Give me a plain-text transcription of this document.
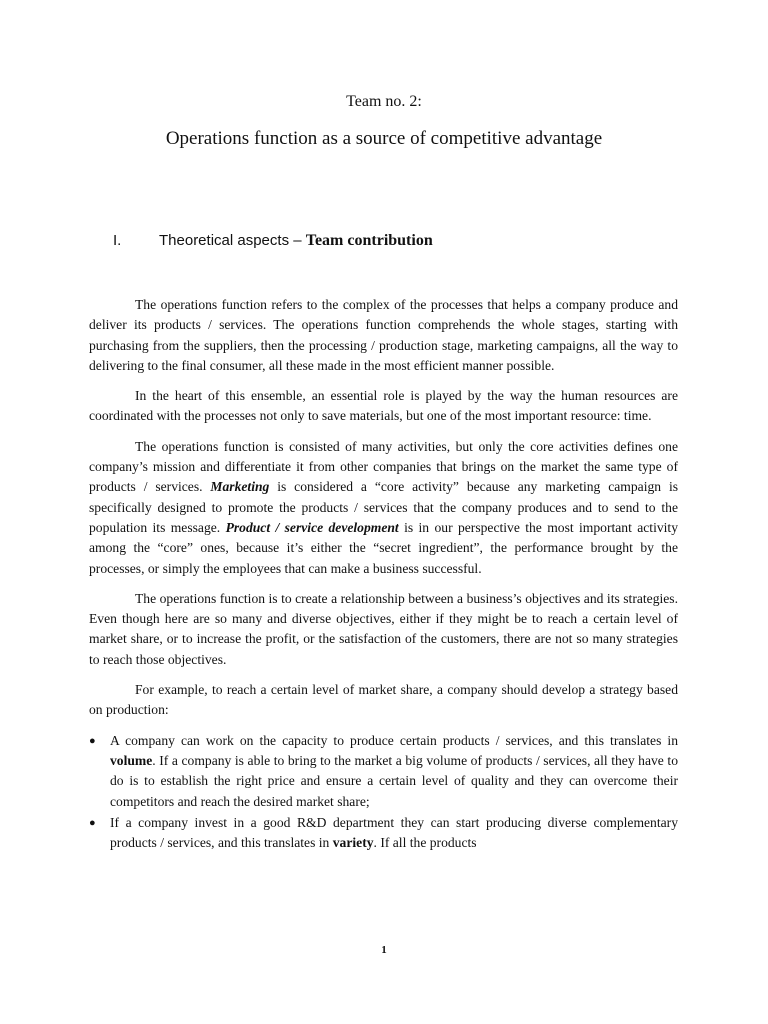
Team no. 2:
Operations function as a source of competitive advantage
I.	Theoretical aspects – Team contribution

The operations function refers to the complex of the processes that helps a company produce and deliver its products / services. The operations function comprehends the whole stages, starting with purchasing from the suppliers, then the processing / production stage, marketing campaigns, all the way to delivering to the final consumer, all these made in the most efficient manner possible.

In the heart of this ensemble, an essential role is played by the way the human resources are coordinated with the processes not only to save materials, but one of the most important resource: time.

The operations function is consisted of many activities, but only the core activities defines one company’s mission and differentiate it from other companies that brings on the market the same type of products / services. Marketing is considered a “core activity” because any marketing campaign is specifically designed to promote the products / services that the company produces and to send to the population its message. Product / service development is in our perspective the most important activity among the “core” ones, because it’s either the “secret ingredient”, the performance brought by the processes, or simply the employees that can make a business successful.

The operations function is to create a relationship between a business’s objectives and its strategies. Even though here are so many and diverse objectives, either if they might be to reach a certain level of market share, or to increase the profit, or the satisfaction of the customers, there are not so many strategies to reach those objectives.

For example, to reach a certain level of market share, a company should develop a strategy based on production:

● A company can work on the capacity to produce certain products / services, and this translates in volume. If a company is able to bring to the market a big volume of products / services, all they have to do is to establish the right price and ensure a certain level of quality and they can overcome their competitors and reach the desired market share;
● If a company invest in a good R&D department they can start producing diverse complementary products / services, and this translates in variety. If all the products
1
